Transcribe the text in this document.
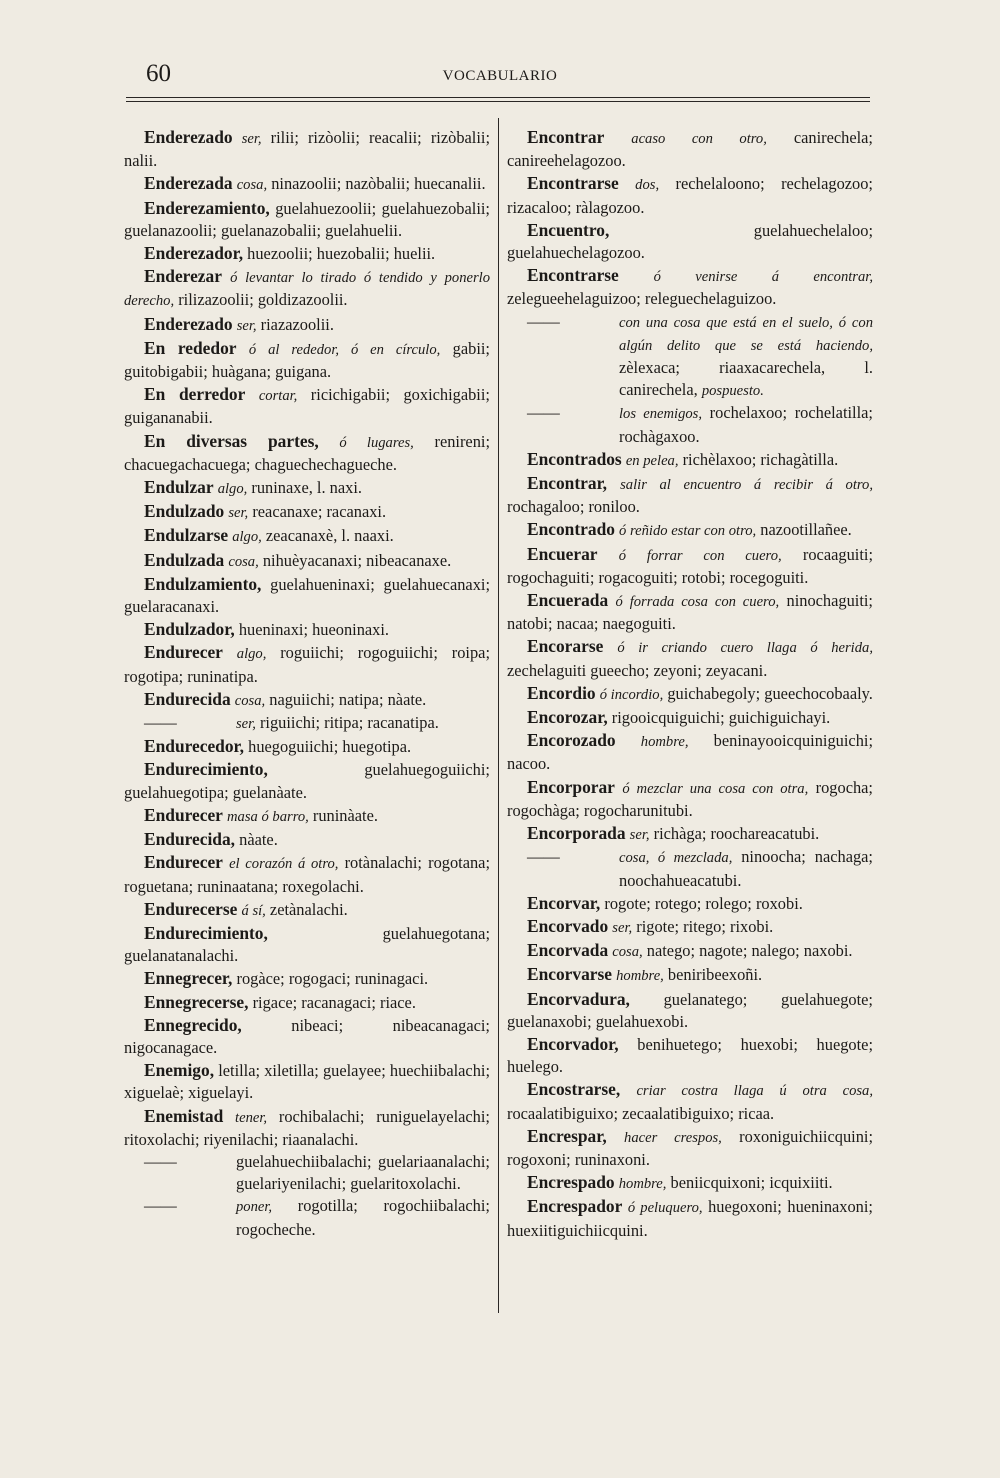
60	VOCABULARIO

Enderezado ser, rilii; rizòolii; reacalii; rizòbalii; nalii.

Enderezada cosa, ninazoolii; nazòbalii; huecanalii.

Enderezamiento, guelahuezoolii; guelahuezobalii; guelanazoolii; guelanazobalii; guelahuelii.

Enderezador, huezoolii; huezobalii; huelii.

Enderezar ó levantar lo tirado ó tendido y ponerlo derecho, rilizazoolii; goldizazoolii.

Enderezado ser, riazazoolii.

En rededor ó al rededor, ó en círculo, gabii; guitobigabii; huàgana; guigana.

En derredor cortar, ricichigabii; goxichigabii; guigananabii.

En diversas partes, ó lugares, renireni; chacuegachacuega; chaguechechagueche.

Endulzar algo, runinaxe, l. naxi.

Endulzado ser, reacanaxe; racanaxi.

Endulzarse algo, zeacanaxè, l. naaxi.

Endulzada cosa, nihuèyacanaxi; nibeacanaxe.

Endulzamiento, guelahueninaxi; guelahuecanaxi; guelaracanaxi.

Endulzador, hueninaxi; hueoninaxi.

Endurecer algo, roguiichi; rogoguiichi; roipa; rogotipa; runinatipa.

Endurecida cosa, naguiichi; natipa; nàate.

——	ser, riguiichi; ritipa; racanatipa.

Endurecedor, huegoguiichi; huegotipa.

Endurecimiento,	guelahuegoguiichi; guelahuegotipa; guelanàate.

Endurecer masa ó barro, runinàate.

Endurecida, nàate.

Endurecer el corazón á otro, rotànalachi; rogotana; roguetana; runinaatana; roxegolachi.

Endurecerse á sí, zetànalachi.

Endurecimiento,	guelahuegotana; guelanatanalachi.

Ennegrecer, rogàce; rogogaci; runinagaci.

Ennegrecerse, rigace; racanagaci; riace.

Ennegrecido,	nibeaci; nibeacanagaci; nigocanagace.

Enemigo, letilla; xiletilla; guelayee; huechiibalachi; xiguelaè; xiguelayi.

Enemistad tener, rochibalachi; runiguelayelachi; ritoxolachi; riyenilachi; riaanalachi.

——	guelahuechiibalachi; guelariaanalachi; guelariyenilachi; guelaritoxolachi.

——	poner, rogotilla; rogochiibalachi; rogocheche.

Encontrar acaso con otro, canirechela; canireehelagozoo.

Encontrarse dos, rechelaloono; rechelagozoo; rizacaloo; ràlagozoo.

Encuentro,	guelahuechelaloo; guelahuechelagozoo.

Encontrarse ó venirse á encontrar, zelegueehelaguizoo; releguechelaguizoo.

——	con una cosa que está en el suelo, ó con algún delito que se está haciendo, zèlexaca; riaaxacarechela, l. canirechela, pospuesto.

——	los enemigos, rochelaxoo; rochelatilla; rochàgaxoo.

Encontrados en pelea, richèlaxoo; richagàtilla.

Encontrar, salir al encuentro á recibir á otro, rochagaloo; roniloo.

Encontrado ó reñido estar con otro, nazootillañee.

Encuerar ó forrar con cuero, rocaaguiti; rogochaguiti; rogacoguiti; rotobi; rocegoguiti.

Encuerada ó forrada cosa con cuero, ninochaguiti; natobi; nacaa; naegoguiti.

Encorarse ó ir criando cuero llaga ó herida, zechelaguiti gueecho; zeyoni; zeyacani.

Encordio ó incordio, guichabegoly; gueechocobaaly.

Encorozar, rigooicquiguichi; guichiguichayi.

Encorozado hombre, beninayooicquiniguichi; nacoo.

Encorporar ó mezclar una cosa con otra, rogocha; rogochàga; rogocharunitubi.

Encorporada ser, richàga; roochareacatubi.

——	cosa, ó mezclada, ninoocha; nachaga; noochahueacatubi.

Encorvar, rogote; rotego; rolego; roxobi.

Encorvado ser, rigote; ritego; rixobi.

Encorvada cosa, natego; nagote; nalego; naxobi.

Encorvarse hombre, beniribeexoñi.

Encorvadura, guelanatego; guelahuegote; guelanaxobi; guelahuexobi.

Encorvador, benihuetego; huexobi; huegote; huelego.

Encostrarse, criar costra llaga ú otra cosa, rocaalatibiguixo; zecaalatibiguixo; ricaa.

Encrespar, hacer crespos, roxoniguichiicquini; rogoxoni; runinaxoni.

Encrespado hombre, beniicquixoni; icquixiiti.

Encrespador ó peluquero, huegoxoni; hueninaxoni; huexiitiguichiicquini.
